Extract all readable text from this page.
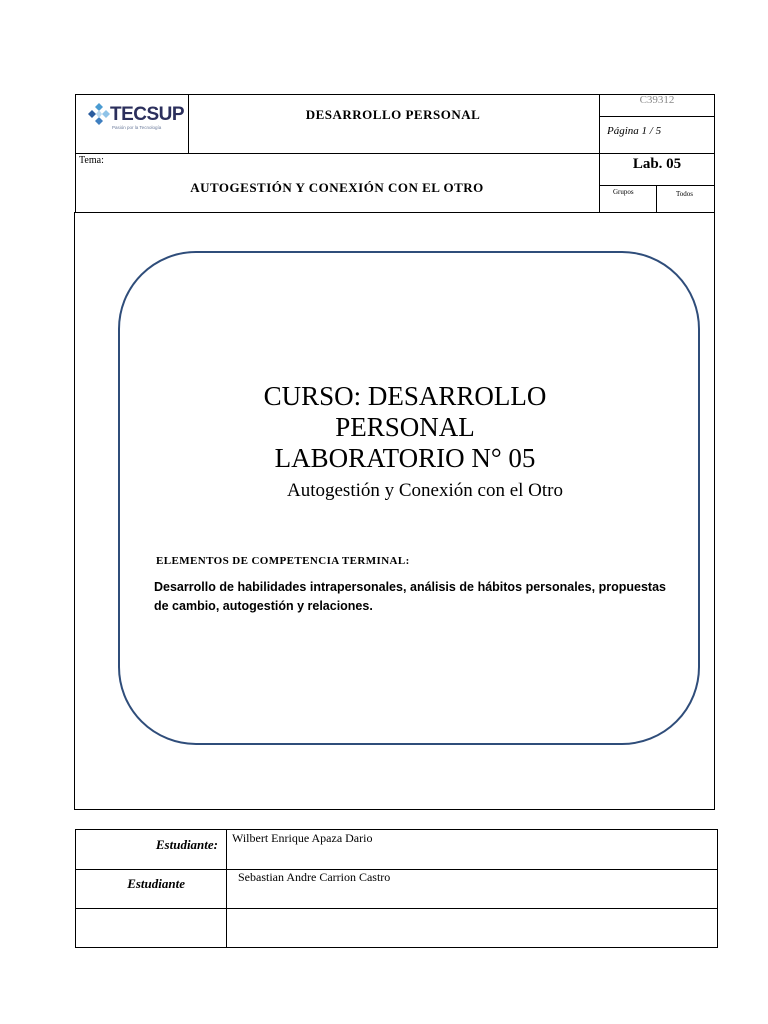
TECSUP
Pasión por la Tecnología
DESARROLLO PERSONAL
C39312
Página 1 / 5
Tema:
AUTOGESTIÓN Y CONEXIÓN CON EL OTRO
Lab. 05
Grupos	Todos
CURSO: DESARROLLO
PERSONAL
LABORATORIO N° 05
Autogestión y Conexión con el Otro
ELEMENTOS DE COMPETENCIA TERMINAL:
Desarrollo de habilidades intrapersonales, análisis de hábitos personales, propuestas de cambio, autogestión y relaciones.
Estudiante: Wilbert Enrique Apaza Dario
Estudiante	Sebastian Andre Carrion Castro
